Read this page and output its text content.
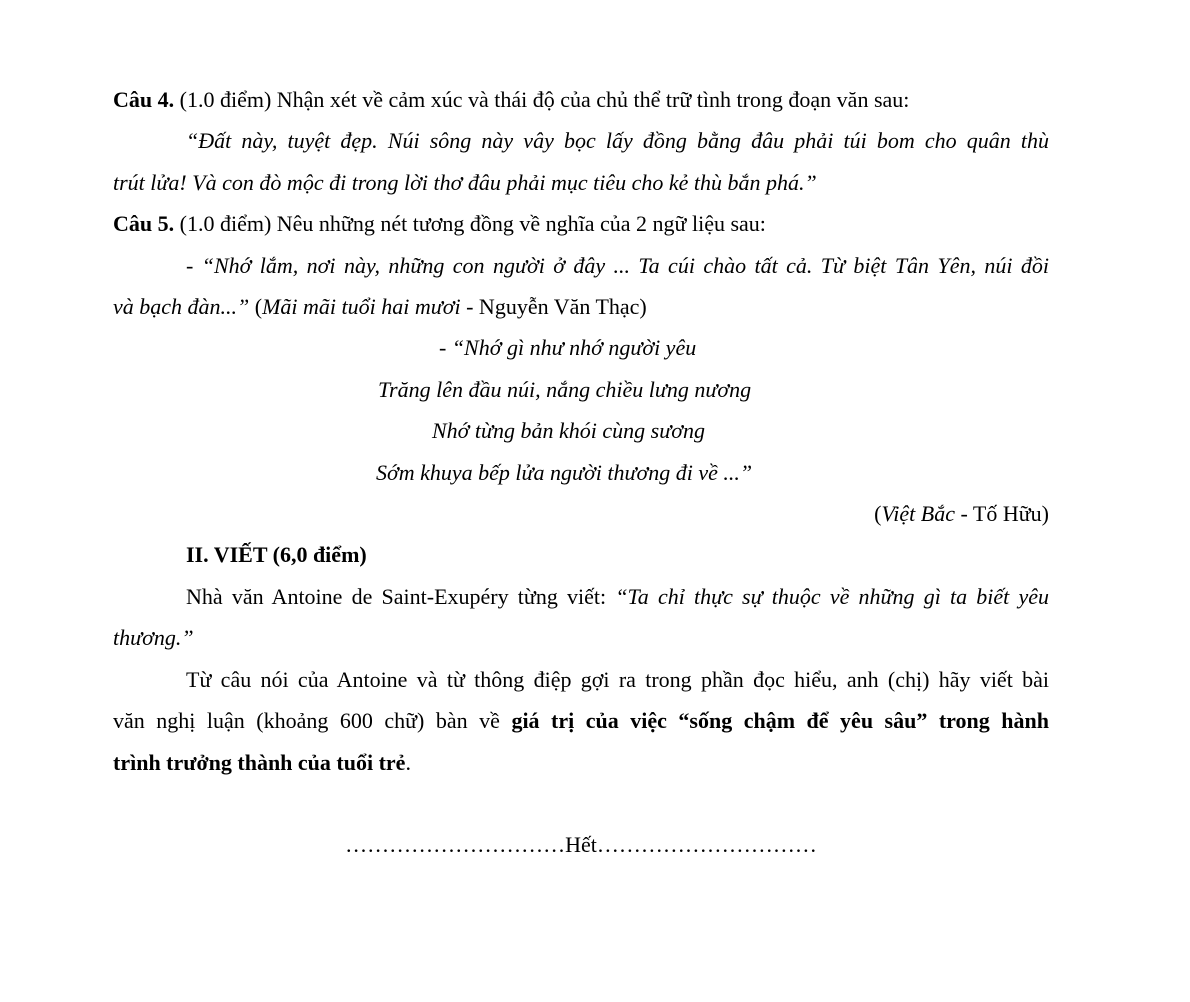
Câu 4. (1.0 điểm) Nhận xét về cảm xúc và thái độ của chủ thể trữ tình trong đoạn văn sau:
“Đất này, tuyệt đẹp. Núi sông này vây bọc lấy đồng bằng đâu phải túi bom cho quân thù
trút lửa! Và con đò mộc đi trong lời thơ đâu phải mục tiêu cho kẻ thù bắn phá.”
Câu 5. (1.0 điểm) Nêu những nét tương đồng về nghĩa của 2 ngữ liệu sau:
- “Nhớ lắm, nơi này, những con người ở đây ... Ta cúi chào tất cả. Từ biệt Tân Yên, núi đồi
và bạch đàn...” (Mãi mãi tuổi hai mươi - Nguyễn Văn Thạc)
- “Nhớ gì như nhớ người yêu
Trăng lên đầu núi, nắng chiều lưng nương
Nhớ từng bản khói cùng sương
Sớm khuya bếp lửa người thương đi về ...”
(Việt Bắc - Tố Hữu)
II. VIẾT (6,0 điểm)
Nhà văn Antoine de Saint-Exupéry từng viết: “Ta chỉ thực sự thuộc về những gì ta biết yêu
thương.”
Từ câu nói của Antoine và từ thông điệp gợi ra trong phần đọc hiểu, anh (chị) hãy viết bài
văn nghị luận (khoảng 600 chữ) bàn về giá trị của việc “sống chậm để yêu sâu” trong hành
trình trưởng thành của tuổi trẻ.
…………………………Hết…………………………
